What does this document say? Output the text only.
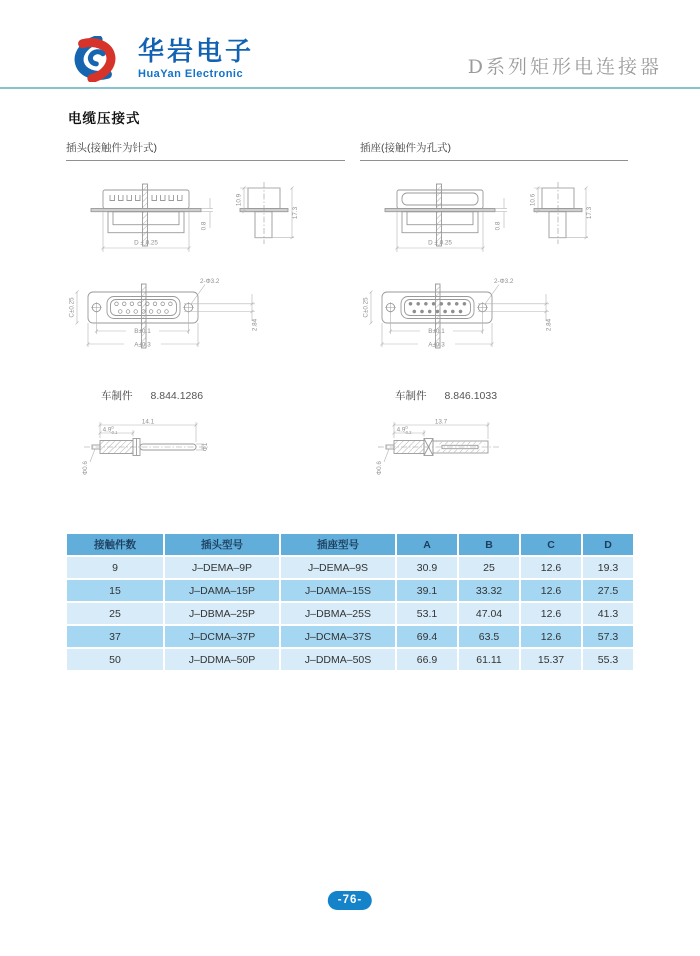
华岩电子
HuaYan Electronic	D系列矩形电连接器
电缆压接式
插头(接触件为针式)	插座(接触件为孔式)
D ± 0.25
0.8
10.9
17.3
C±0.25
2-Φ3.2
2.84
B±0.1
A±0.3
车制件 8.844.1286
14.1
$4.9^0$ -0.1
Φ1
Φ0.6
D ± 0.25
0.8
10.6
17.3
C±0.25
2-Φ3.2
2.84
B±0.1
A±0.3
车制件 8.846.1033
13.7
$4.9^0$ -0.2
Φ0.6
接触件数	插头型号	插座型号	A	B	C	D
9	J–DEMA–9P	J–DEMA–9S	30.9	25	12.6	19.3
15	J–DAMA–15P	J–DAMA–15S	39.1	33.32	12.6	27.5
25	J–DBMA–25P	J–DBMA–25S	53.1	47.04	12.6	41.3
37	J–DCMA–37P	J–DCMA–37S	69.4	63.5	12.6	57.3
50	J–DDMA–50P	J–DDMA–50S	66.9	61.11	15.37	55.3
-76-
